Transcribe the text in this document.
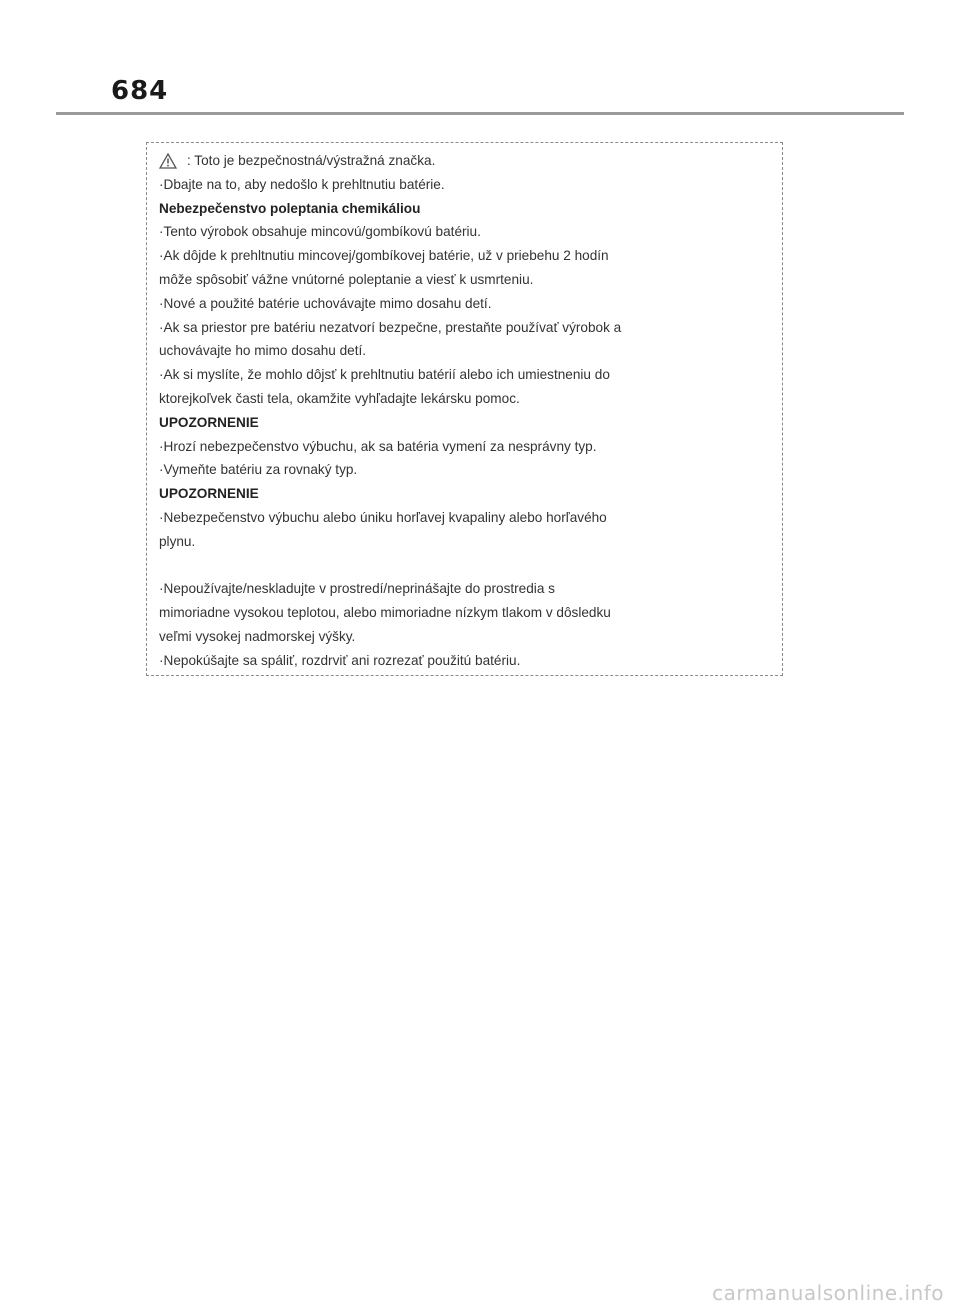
684
: Toto je bezpečnostná/výstražná značka.
·Dbajte na to, aby nedošlo k prehltnutiu batérie.
Nebezpečenstvo poleptania chemikáliou
·Tento výrobok obsahuje mincovú/gombíkovú batériu.
·Ak dôjde k prehltnutiu mincovej/gombíkovej batérie, už v priebehu 2 hodín
môže spôsobiť vážne vnútorné poleptanie a viesť k usmrteniu.
·Nové a použité batérie uchovávajte mimo dosahu detí.
·Ak sa priestor pre batériu nezatvorí bezpečne, prestaňte používať výrobok a
uchovávajte ho mimo dosahu detí.
·Ak si myslíte, že mohlo dôjsť k prehltnutiu batérií alebo ich umiestneniu do
ktorejkoľvek časti tela, okamžite vyhľadajte lekársku pomoc.
UPOZORNENIE
·Hrozí nebezpečenstvo výbuchu, ak sa batéria vymení za nesprávny typ.
·Vymeňte batériu za rovnaký typ.
UPOZORNENIE
·Nebezpečenstvo výbuchu alebo úniku horľavej kvapaliny alebo horľavého
plynu.
·Nepoužívajte/neskladujte v prostredí/neprinášajte do prostredia s
mimoriadne vysokou teplotou, alebo mimoriadne nízkym tlakom v dôsledku
veľmi vysokej nadmorskej výšky.
·Nepokúšajte sa spáliť, rozdrviť ani rozrezať použitú batériu.
carmanualsonline.info
